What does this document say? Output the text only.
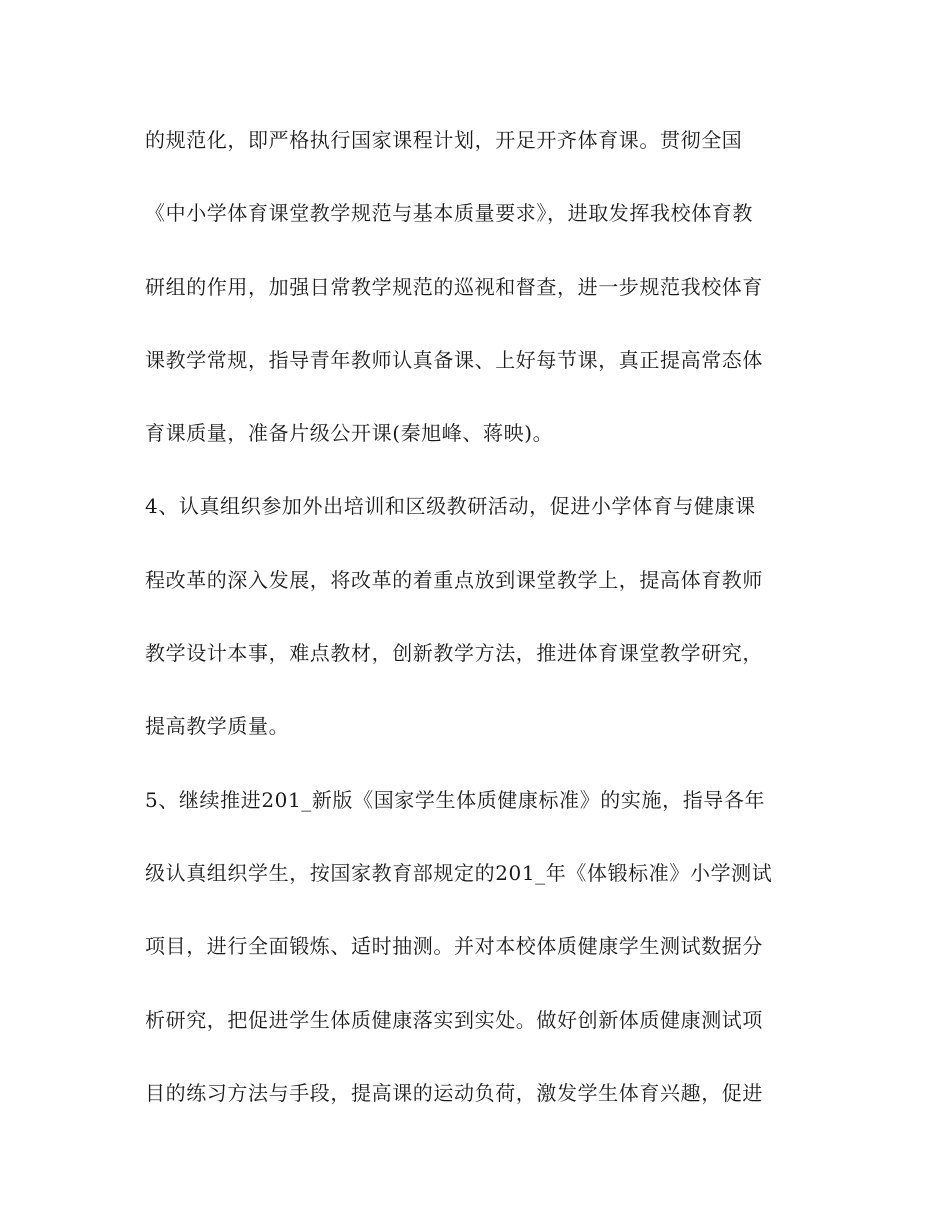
的规范化，即严格执行国家课程计划，开足开齐体育课。贯彻全国
《中小学体育课堂教学规范与基本质量要求》，进取发挥我校体育教
研组的作用，加强日常教学规范的巡视和督查，进一步规范我校体育
课教学常规，指导青年教师认真备课、上好每节课，真正提高常态体
育课质量，准备片级公开课(秦旭峰、蒋映)。
4、认真组织参加外出培训和区级教研活动，促进小学体育与健康课
程改革的深入发展，将改革的着重点放到课堂教学上，提高体育教师
教学设计本事，难点教材，创新教学方法，推进体育课堂教学研究，
提高教学质量。
5、继续推进201_新版《国家学生体质健康标准》的实施，指导各年
级认真组织学生，按国家教育部规定的201_年《体锻标准》小学测试
项目，进行全面锻炼、适时抽测。并对本校体质健康学生测试数据分
析研究，把促进学生体质健康落实到实处。做好创新体质健康测试项
目的练习方法与手段，提高课的运动负荷，激发学生体育兴趣，促进
